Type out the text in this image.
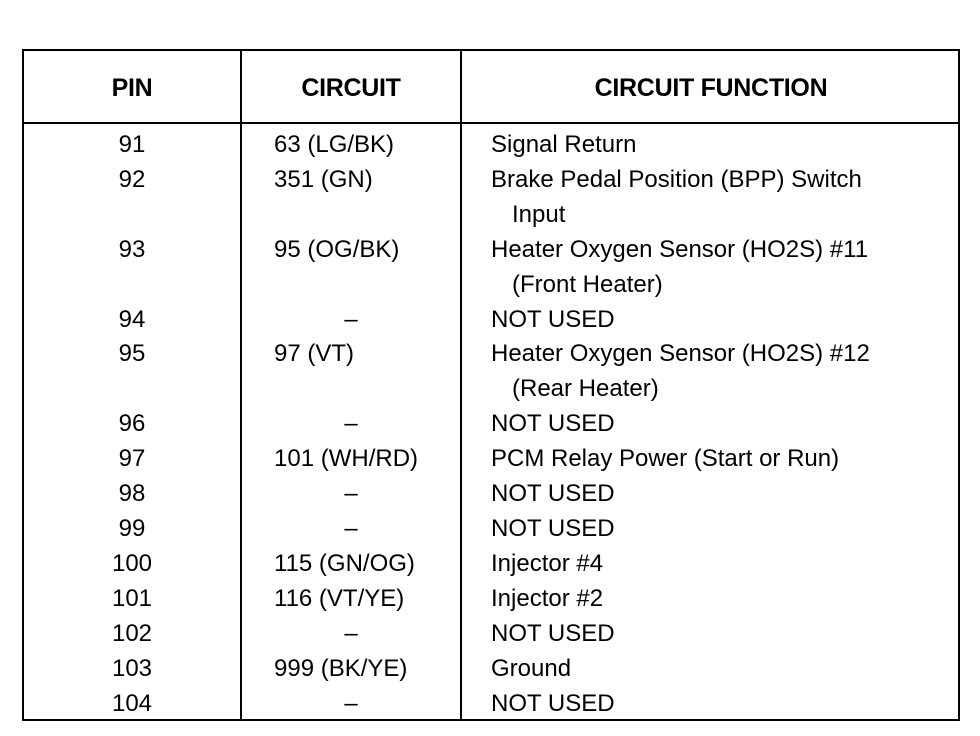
PIN	CIRCUIT	CIRCUIT FUNCTION
91	63 (LG/BK)	Signal Return
92	351 (GN)	Brake Pedal Position (BPP) Switch
Input
93	95 (OG/BK)	Heater Oxygen Sensor (HO2S) #11
(Front Heater)
94	–	NOT USED
95	97 (VT)	Heater Oxygen Sensor (HO2S) #12
(Rear Heater)
96	–	NOT USED
97	101 (WH/RD)	PCM Relay Power (Start or Run)
98	–	NOT USED
99	–	NOT USED
100	115 (GN/OG)	Injector #4
101	116 (VT/YE)	Injector #2
102	–	NOT USED
103	999 (BK/YE)	Ground
104	–	NOT USED
